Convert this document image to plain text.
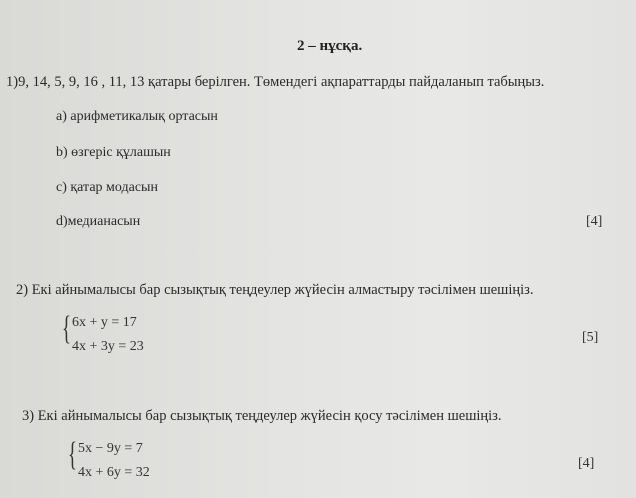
2 – нұсқа.
1)9, 14, 5, 9, 16 , 11, 13 қатары берілген. Төмендегі ақпараттарды пайдаланып табыңыз.
a) арифметикалық ортасын
b) өзгеріс құлашын
c) қатар модасын
d)медианасын	[4]
2) Екі айнымалысы бар сызықтық теңдеулер жүйесін алмастыру тәсілімен шешіңіз.
{ 6x + y = 17
4x + 3y = 23
[5]
3) Екі айнымалысы бар сызықтық теңдеулер жүйесін қосу тәсілімен шешіңіз.
{ 5x − 9y = 7
4x + 6y = 32
[4]
